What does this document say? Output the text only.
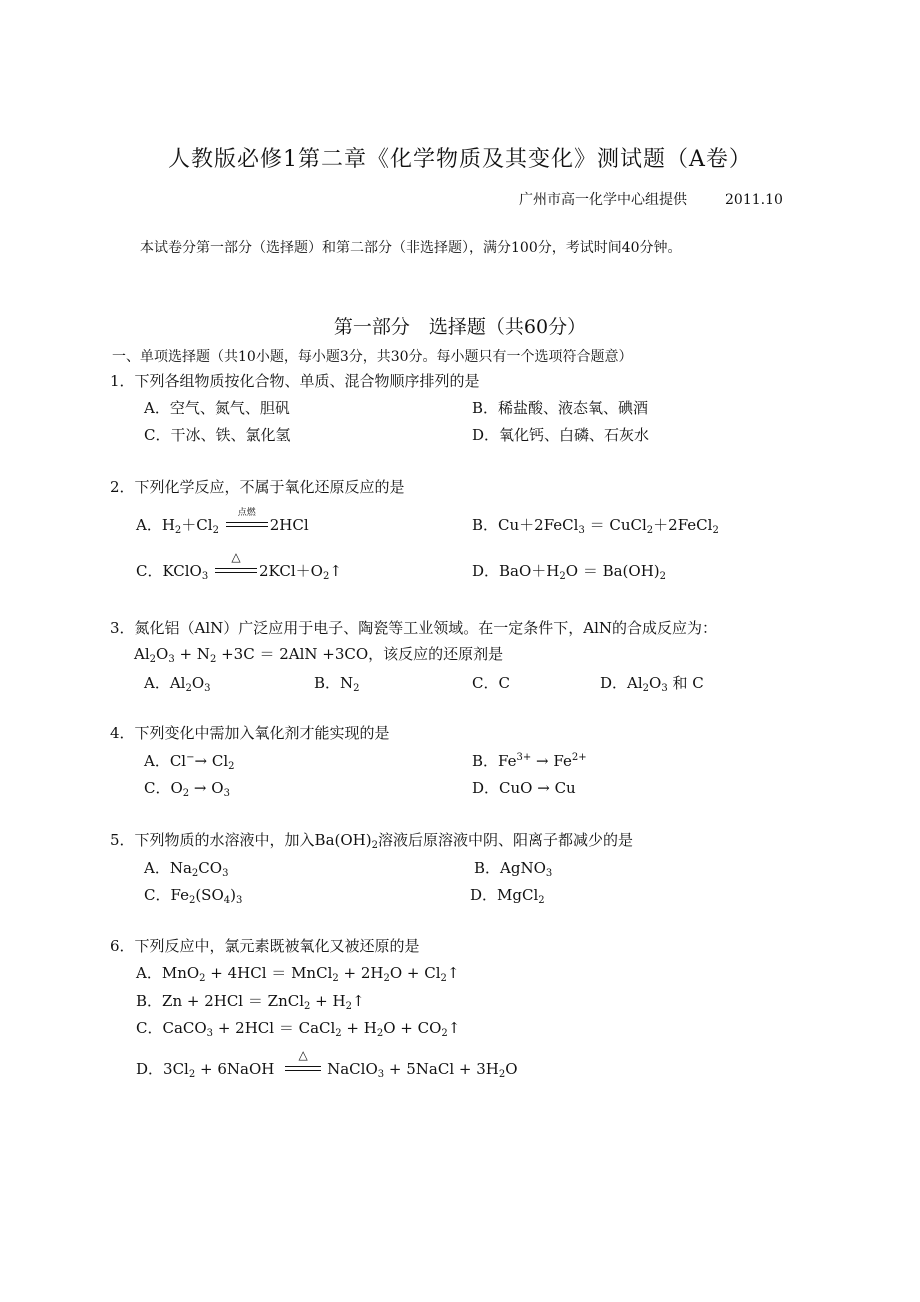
人教版必修1第二章《化学物质及其变化》测试题（A卷）
广州市高一化学中心组提供	2011.10
本试卷分第一部分（选择题）和第二部分（非选择题），满分100分，考试时间40分钟。
第一部分　选择题（共60分）
一、单项选择题（共10小题，每小题3分，共30分。每小题只有一个选项符合题意）
1．下列各组物质按化合物、单质、混合物顺序排列的是
A．空气、氮气、胆矾	B．稀盐酸、液态氧、碘酒
C．干冰、铁、氯化氢	D．氧化钙、白磷、石灰水
2．下列化学反应，不属于氧化还原反应的是
A．$H_2+Cl_2$
点燃
2HCl	B．Cu＋2FeCl$_3$ ＝ CuCl$_2$＋2FeCl$_2$
C．KClO$_3$
△
$2KCl+O_2↑$	D．$BaO+H_2O = Ba(OH)_2$
3．氮化铝（AlN）广泛应用于电子、陶瓷等工业领域。在一定条件下，AlN的合成反应为：
$Al_2O_3 + N_2 +3C = 2AlN +3CO$，该反应的还原剂是
A．$Al_2O_3$	B．$N_2$	C．C	D．$Al_2O_3$ 和 C
4．下列变化中需加入氧化剂才能实现的是
A．$Cl^-\to Cl_2$	B．$Fe^{3+} \to Fe^{2+}$
C．$O_2 \to O_3$	D．CuO → Cu
5．下列物质的水溶液中，加入$Ba(OH)_2$溶液后原溶液中阴、阳离子都减少的是
A．$Na_2CO_3$	B．AgNO$_3$
C．$Fe_2(SO_4)_3$	D．MgCl$_2$
6．下列反应中，氯元素既被氧化又被还原的是
A．MnO$_2$ + 4HCl ＝ MnCl$_2$ + $2H_2O$ + $Cl_2↑$
B．Zn + 2HCl ＝ ZnCl$_2$ + $H_2↑$
C．CaCO$_3$ + 2HCl ＝ CaCl$_2$ + $H_2O$ + $CO_2↑$
D．$3Cl_2$ + 6NaOH
△
NaClO$_3$ + 5NaCl + $3H_2O$
